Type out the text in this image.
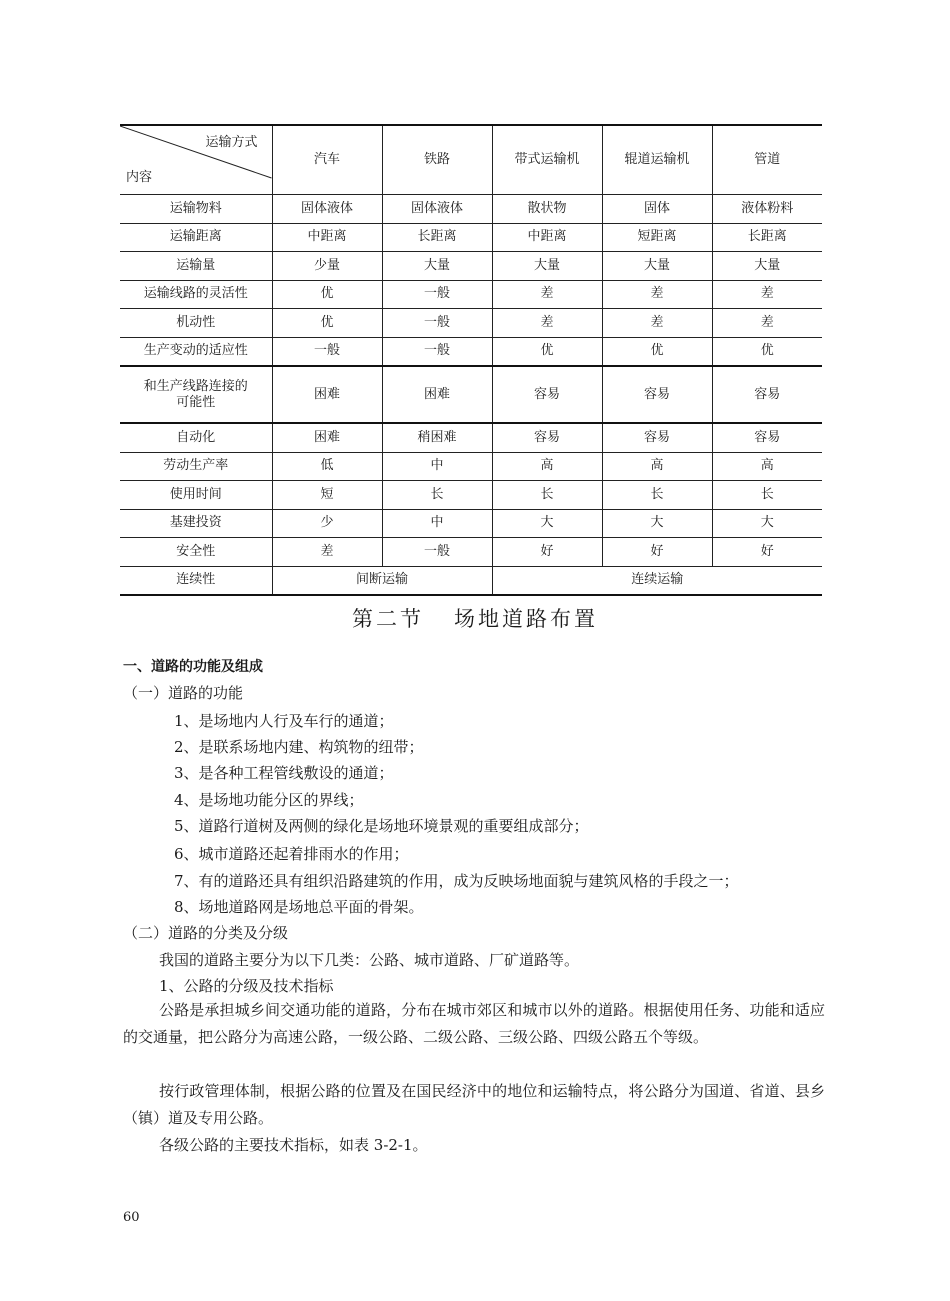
运输方式
内容	汽车	铁路	带式运输机	辊道运输机	管道
运输物料	固体液体	固体液体	散状物	固体	液体粉料
运输距离	中距离	长距离	中距离	短距离	长距离
运输量	少量	大量	大量	大量	大量
运输线路的灵活性	优	一般	差	差	差
机动性	优	一般	差	差	差
生产变动的适应性	一般	一般	优	优	优

和生产线路连接的
可能性	困难	困难	容易	容易	容易
自动化	困难	稍困难	容易	容易	容易
劳动生产率	低	中	高	高	高
使用时间	短	长	长	长	长
基建投资	少	中	大	大	大
安全性	差	一般	好	好	好
连续性	间断运输		连续运输		
第二节 场地道路布置

一、道路的功能及组成

（一）道路的功能

1、是场地内人行及车行的通道；

2、是联系场地内建、构筑物的纽带；

3、是各种工程管线敷设的通道；

4、是场地功能分区的界线；

5、道路行道树及两侧的绿化是场地环境景观的重要组成部分；

6、城市道路还起着排雨水的作用；

7、有的道路还具有组织沿路建筑的作用，成为反映场地面貌与建筑风格的手段之一；

8、场地道路网是场地总平面的骨架。

（二）道路的分类及分级

我国的道路主要分为以下几类：公路、城市道路、厂矿道路等。

1、公路的分级及技术指标

公路是承担城乡间交通功能的道路，分布在城市郊区和城市以外的道路。根据使用任务、功能和适应的交通量，把公路分为高速公路，一级公路、二级公路、三级公路、四级公路五个等级。

按行政管理体制，根据公路的位置及在国民经济中的地位和运输特点，将公路分为国道、省道、县乡（镇）道及专用公路。

各级公路的主要技术指标，如表 3-2-1。

60
